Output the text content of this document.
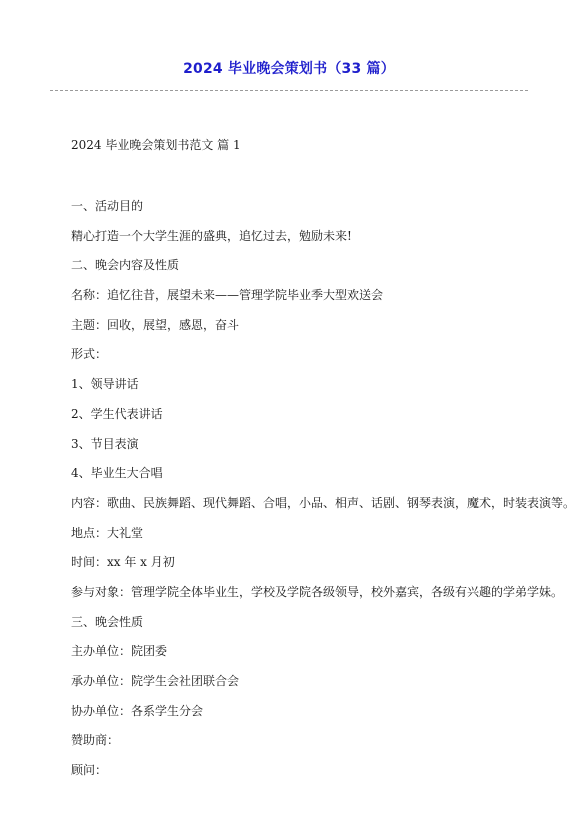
2024 毕业晚会策划书（33 篇）
2024 毕业晚会策划书范文 篇 1
一、活动目的
精心打造一个大学生涯的盛典，追忆过去，勉励未来!
二、晚会内容及性质
名称：追忆往昔，展望未来——管理学院毕业季大型欢送会
主题：回收，展望，感恩，奋斗
形式：
1、领导讲话
2、学生代表讲话
3、节目表演
4、毕业生大合唱
内容：歌曲、民族舞蹈、现代舞蹈、合唱，小品、相声、话剧、钢琴表演，魔术，时装表演等。
地点：大礼堂
时间：xx 年 x 月初
参与对象：管理学院全体毕业生，学校及学院各级领导，校外嘉宾，各级有兴趣的学弟学妹。
三、晚会性质
主办单位：院团委
承办单位：院学生会社团联合会
协办单位：各系学生分会
赞助商：
顾问：
